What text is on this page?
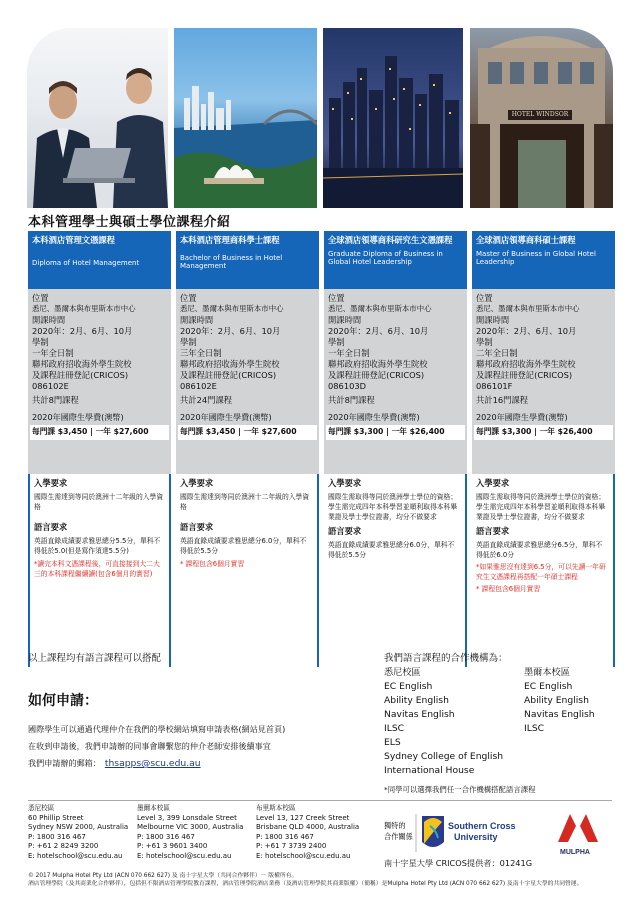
HOTEL WINDSOR
本科管理學士與碩士學位課程介紹
本科酒店管理文憑課程
Diploma of Hotel Management
位置
悉尼、墨爾本與布里斯本市中心
開課時間
2020年：2月、6月、10月
學制
一年全日制
聯邦政府招收海外學生院校
及課程註冊登記(CRICOS)
086102E
共計8門課程
2020年國際生學費(澳幣)
每門課 $3,450 | 一年 $27,600
入學要求
國際生需達到等同於澳洲十二年級的入學資格
語言要求
英語直錄成績要求雅思總分5.5分，單科不得低於5.0(但是寫作須達5.5分)
*讀完本科文憑課程後，可直接接到大二大三的本科課程繼續讀(包含6個月的實習)
本科酒店管理商科學士課程
Bachelor of Business in Hotel Management
位置
悉尼、墨爾本與布里斯本市中心
開課時間
2020年：2月、6月、10月
學制
三年全日制
聯邦政府招收海外學生院校
及課程註冊登記(CRICOS)
086102E
共計24門課程
2020年國際生學費(澳幣)
每門課 $3,450 | 一年 $27,600
入學要求
國際生需達到等同於澳洲十二年級的入學資格
語言要求
英語直錄成績要求雅思總分6.0分，單科不得低於5.5分
* 課程包含6個月實習
全球酒店領導商科研究生文憑課程
Graduate Diploma of Business in Global Hotel Leadership
位置
悉尼、墨爾本與布里斯本市中心
開課時間
2020年：2月、6月、10月
學制
一年全日制
聯邦政府招收海外學生院校
及課程註冊登記(CRICOS)
086103D
共計8門課程
2020年國際生學費(澳幣)
每門課 $3,300 | 一年 $26,400
入學要求
國際生需取得等同於澳洲學士學位的資格；學生需完成四年本科學習並順利取得本科畢業證及學士學位證書，均分不做要求
語言要求
英語直錄成績要求雅思總分6.0分，單科不得低於5.5分
全球酒店領導商科碩士課程
Master of Business in Global Hotel Leadership
位置
悉尼、墨爾本與布里斯本市中心
開課時間
2020年：2月、6月、10月
學制
二年全日制
聯邦政府招收海外學生院校
及課程註冊登記(CRICOS)
086101F
共計16門課程
2020年國際生學費(澳幣)
每門課 $3,300 | 一年 $26,400
入學要求
國際生需取得等同於澳洲學士學位的資格；學生需完成四年本科學習並順利取得本科畢業證及學士學位證書，均分不做要求
語言要求
英語直錄成績要求雅思總分6.5分，單科不得低於6.0分
*如果雅思沒有達到6.5分，可以先讀一年研究生文憑課程再搭配一年碩士課程
* 課程包含6個月實習
以上課程均有語言課程可以搭配	我們語言課程的合作機構為：
悉尼校區
EC English
Ability English
Navitas English
ILSC
ELS
Sydney College of English
International House
墨爾本校區
EC English
Ability English
Navitas English
ILSC
*同學可以選擇我們任一合作機構搭配語言課程
如何申請：
國際學生可以通過代理仲介在我們的學校網站填寫申請表格(網站見首頁)
在收到申請後，我們申請辦的同事會聯繫您的仲介老師安排後續事宜
我們申請辦的郵箱： thsapps@scu.edu.au
悉尼校區
60 Phillip Street
Sydney NSW 2000, Australia
P: 1800 316 467
P: +61 2 8249 3200
E: hotelschool@scu.edu.au
墨爾本校區
Level 3, 399 Lonsdale Street
Melbourne VIC 3000, Australia
P: 1800 316 467
P: +61 3 9601 3400
E: hotelschool@scu.edu.au
布里斯本校區
Level 13, 127 Creek Street
Brisbane QLD 4000, Australia
P: 1800 316 467
P: +61 7 3739 2400
E: hotelschool@scu.edu.au
獨特的
合作關係
Southern Cross
University
MULPHA
南十字星大學 CRICOS提供者：01241G
© 2017 Mulpha Hotel Pty Ltd (ACN 070 662 627) 及 南十字星大學（共同合作夥伴）－ 版權所有。
酒店管理學院（及其商業化合作夥伴），包括但不限酒店管理學院教育課程，酒店管理學院酒店業務（及酒店管理學院其商業版權）（簡稱）是Mulpha Hotel Pty Ltd (ACN 070 662 627) 及南十字星大學的共同營運。
